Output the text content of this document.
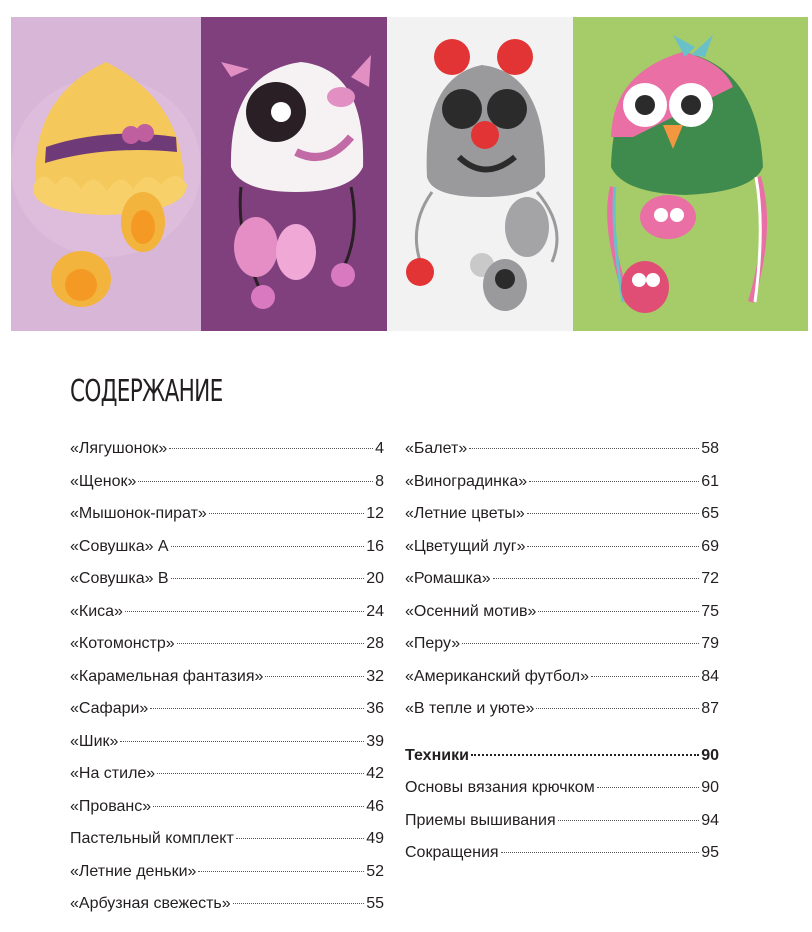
СОДЕРЖАНИЕ
«Лягушонок»	4
«Щенок»	8
«Мышонок-пират»	12
«Совушка» А	16
«Совушка» В	20
«Киса»	24
«Котомонстр»	28
«Карамельная фантазия»	32
«Сафари»	36
«Шик»	39
«На стиле»	42
«Прованс»	46
Пастельный комплект	49
«Летние деньки»	52
«Арбузная свежесть»	55
«Балет»	58
«Виноградинка»	61
«Летние цветы»	65
«Цветущий луг»	69
«Ромашка»	72
«Осенний мотив»	75
«Перу»	79
«Американский футбол»	84
«В тепле и уюте»	87
Техники	90
Основы вязания крючком	90
Приемы вышивания	94
Сокращения	95
